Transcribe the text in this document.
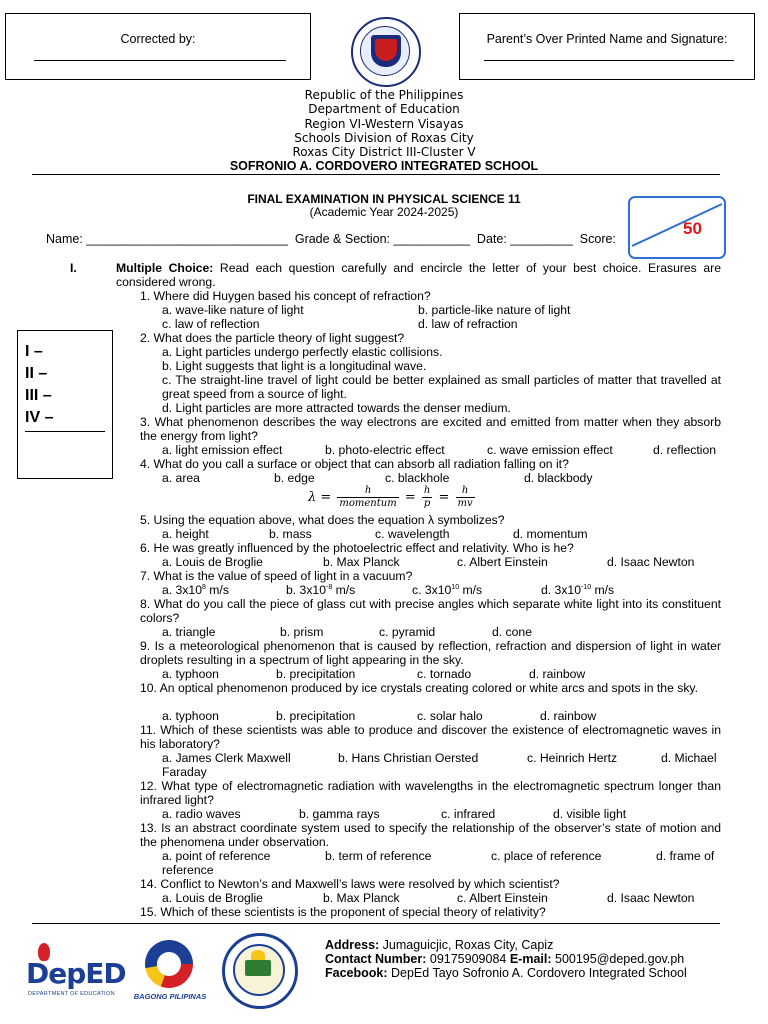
Corrected by:	Parent’s Over Printed Name and Signature:
Republic of the Philippines
Department of Education
Region VI-Western Visayas
Schools Division of Roxas City
Roxas City District III-Cluster V
SOFRONIO A. CORDOVERO INTEGRATED SCHOOL
FINAL EXAMINATION IN PHYSICAL SCIENCE 11
(Academic Year 2024-2025)
50
Name: _____________________________  Grade & Section: ___________  Date: _________  Score:
I –
II –
III –
IV –
I.	Multiple Choice: Read each question carefully and encircle the letter of your best choice. Erasures are considered wrong.
1. Where did Huygen based his concept of refraction?
a. wave-like nature of light	b. particle-like nature of light
c. law of reflection	d. law of refraction
2. What does the particle theory of light suggest?
a. Light particles undergo perfectly elastic collisions.
b. Light suggests that light is a longitudinal wave.
c. The straight-line travel of light could be better explained as small particles of matter that travelled at great speed from a source of light.
d. Light particles are more attracted towards the denser medium.
3. What phenomenon describes the way electrons are excited and emitted from matter when they absorb the energy from light?
a. light emission effect	b. photo-electric effect	c. wave emission effect	d. reflection
4. What do you call a surface or object that can absorb all radiation falling on it?
a. area	b. edge	c. blackhole	d. blackbody
$\lambda = \frac{h}{\text{momentum}} = \frac{h}{p} = \frac{h}{mv}$
5. Using the equation above, what does the equation λ symbolizes?
a. height	b. mass	c. wavelength	d. momentum
6. He was greatly influenced by the photoelectric effect and relativity. Who is he?
a. Louis de Broglie	b. Max Planck	c. Albert Einstein	d. Isaac Newton
7. What is the value of speed of light in a vacuum?
a. $3x10^8$ m/s	b. $3x10^{-8}$ m/s	c. $3x10^{10}$ m/s	d. $3x10^{-10}$ m/s
8. What do you call the piece of glass cut with precise angles which separate white light into its constituent colors?
a. triangle	b. prism	c. pyramid	d. cone
9. Is a meteorological phenomenon that is caused by reflection, refraction and dispersion of light in water droplets resulting in a spectrum of light appearing in the sky.
a. typhoon	b. precipitation	c. tornado	d. rainbow
10. An optical phenomenon produced by ice crystals creating colored or white arcs and spots in the sky.
a. typhoon	b. precipitation	c. solar halo	d. rainbow
11. Which of these scientists was able to produce and discover the existence of electromagnetic waves in his laboratory?
a. James Clerk Maxwell	b. Hans Christian Oersted	c. Heinrich Hertz	d. Michael
Faraday
12. What type of electromagnetic radiation with wavelengths in the electromagnetic spectrum longer than infrared light?
a. radio waves	b. gamma rays	c. infrared	d. visible light
13. Is an abstract coordinate system used to specify the relationship of the observer’s state of motion and the phenomena under observation.
a. point of reference	b. term of reference	c. place of reference	d. frame of
reference
14. Conflict to Newton’s and Maxwell’s laws were resolved by which scientist?
a. Louis de Broglie	b. Max Planck	c. Albert Einstein	d. Isaac Newton
15. Which of these scientists is the proponent of special theory of relativity?
DepED
DEPARTMENT OF EDUCATION	BAGONG PILIPINAS
Address: Jumaguicjic, Roxas City, Capiz
Contact Number: 09175909084 E-mail: 500195@deped.gov.ph
Facebook: DepEd Tayo Sofronio A. Cordovero Integrated School
